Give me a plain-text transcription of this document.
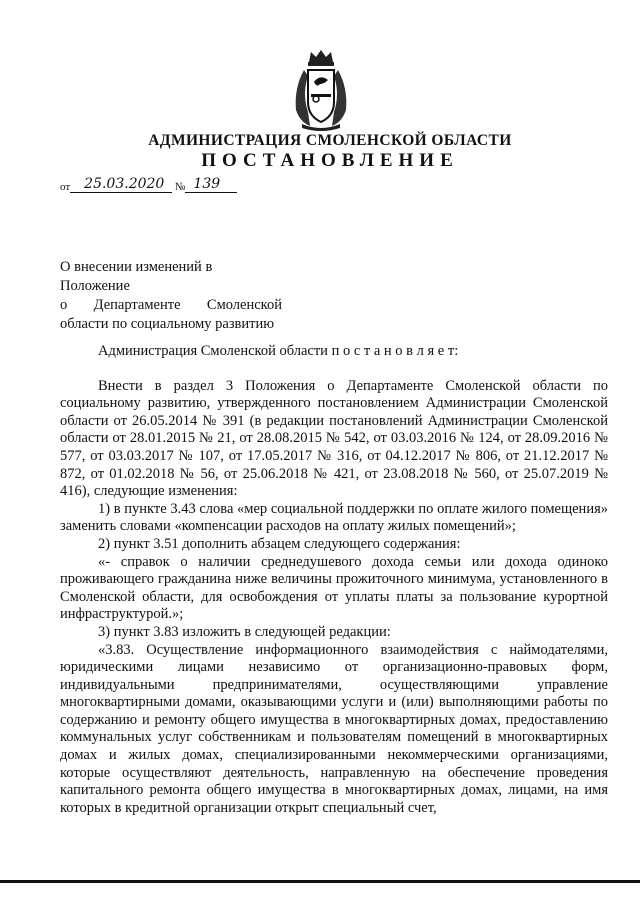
АДМИНИСТРАЦИЯ СМОЛЕНСКОЙ ОБЛАСТИ
ПОСТАНОВЛЕНИЕ
от 25.03.2020 № 139
О внесении изменений в Положение
о Департаменте Смоленской
области по социальному развитию

Администрация Смоленской области п о с т а н о в л я е т:

Внести в раздел 3 Положения о Департаменте Смоленской области по социальному развитию, утвержденного постановлением Администрации Смоленской области от 26.05.2014 № 391 (в редакции постановлений Администрации Смоленской области от 28.01.2015 № 21, от 28.08.2015 № 542, от 03.03.2016 № 124, от 28.09.2016 № 577, от 03.03.2017 № 107, от 17.05.2017 № 316, от 04.12.2017 № 806, от 21.12.2017 № 872, от 01.02.2018 № 56, от 25.06.2018 № 421, от 23.08.2018 № 560, от 25.07.2019 № 416), следующие изменения:

1) в пункте 3.43 слова «мер социальной поддержки по оплате жилого помещения» заменить словами «компенсации расходов на оплату жилых помещений»;

2) пункт 3.51 дополнить абзацем следующего содержания:

«- справок о наличии среднедушевого дохода семьи или дохода одиноко проживающего гражданина ниже величины прожиточного минимума, установленного в Смоленской области, для освобождения от уплаты платы за пользование курортной инфраструктурой.»;

3) пункт 3.83 изложить в следующей редакции:

«3.83. Осуществление информационного взаимодействия с наймодателями, юридическими лицами независимо от организационно-правовых форм, индивидуальными предпринимателями, осуществляющими управление многоквартирными домами, оказывающими услуги и (или) выполняющими работы по содержанию и ремонту общего имущества в многоквартирных домах, предоставлению коммунальных услуг собственникам и пользователям помещений в многоквартирных домах и жилых домах, специализированными некоммерческими организациями, которые осуществляют деятельность, направленную на обеспечение проведения капитального ремонта общего имущества в многоквартирных домах, лицами, на имя которых в кредитной организации открыт специальный счет,
